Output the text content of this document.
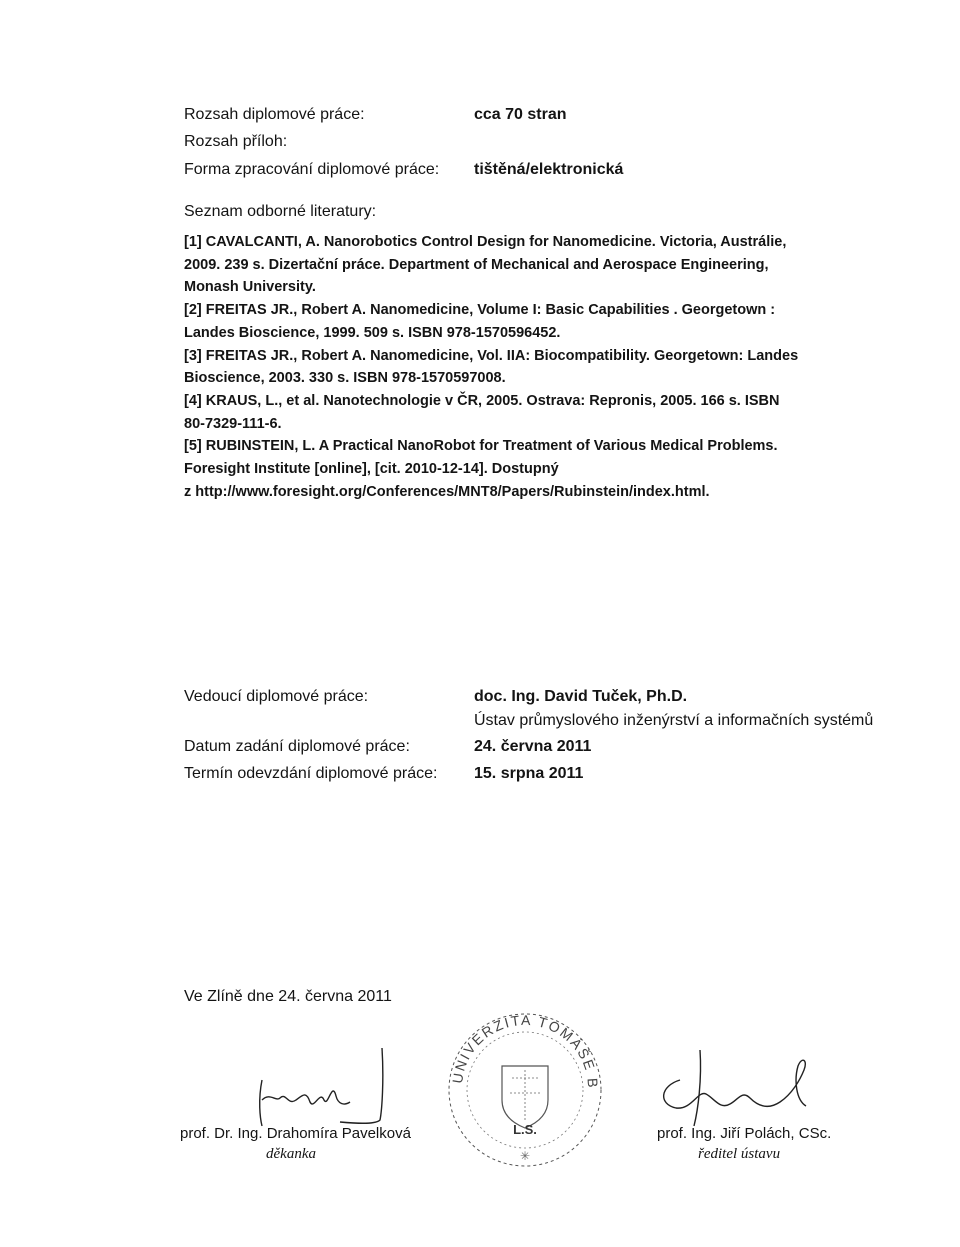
Rozsah diplomové práce:	cca 70 stran
Rozsah příloh:
Forma zpracování diplomové práce: tištěná/elektronická
Seznam odborné literatury:
[1] CAVALCANTI, A. Nanorobotics Control Design for Nanomedicine. Victoria, Austrálie,
2009. 239 s. Dizertační práce. Department of Mechanical and Aerospace Engineering,
Monash University.
[2] FREITAS JR., Robert A. Nanomedicine, Volume I: Basic Capabilities . Georgetown :
Landes Bioscience, 1999. 509 s. ISBN 978-1570596452.
[3] FREITAS JR., Robert A. Nanomedicine, Vol. IIA: Biocompatibility. Georgetown: Landes
Bioscience, 2003. 330 s. ISBN 978-1570597008.
[4] KRAUS, L., et al. Nanotechnologie v ČR, 2005. Ostrava: Repronis, 2005. 166 s. ISBN
80-7329-111-6.
[5] RUBINSTEIN, L. A Practical NanoRobot for Treatment of Various Medical Problems.
Foresight Institute [online], [cit. 2010-12-14]. Dostupný
z http://www.foresight.org/Conferences/MNT8/Papers/Rubinstein/index.html.
Vedoucí diplomové práce:	doc. Ing. David Tuček, Ph.D.
Ústav průmyslového inženýrství a informačních systémů
Datum zadání diplomové práce:	24. června 2011
Termín odevzdání diplomové práce: 15. srpna 2011
Ve Zlíně dne 24. června 2011
prof. Dr. Ing. Drahomíra Pavelková
děkanka
UNIVERZITA TOMÁŠE BATI VE ZLÍNĚ
L.S.
✳
prof. Ing. Jiří Polách, CSc.
ředitel ústavu
